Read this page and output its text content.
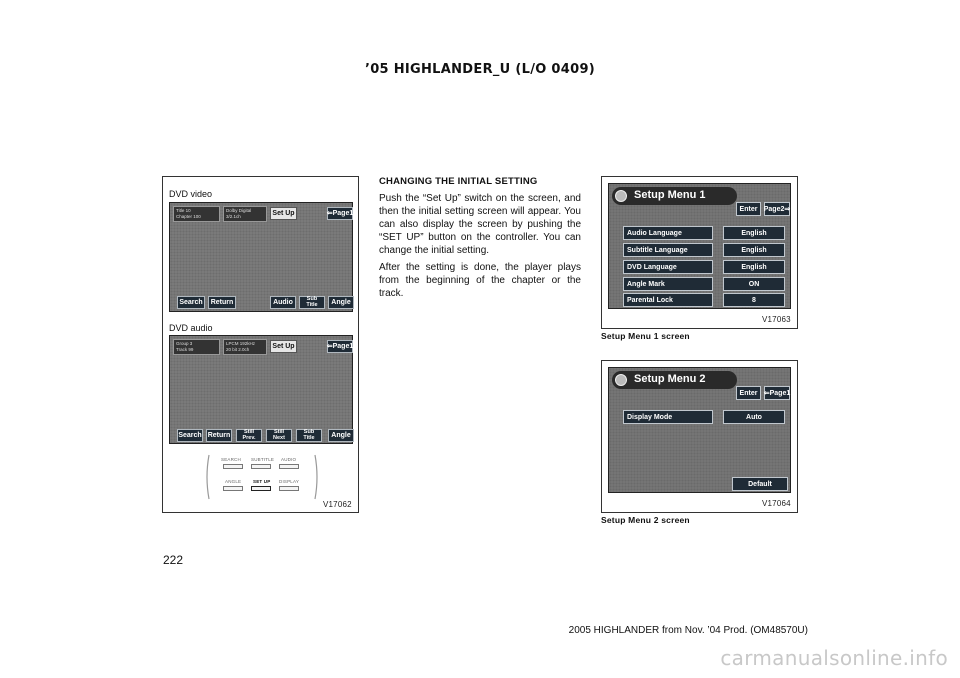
’05 HIGHLANDER_U (L/O 0409)
DVD video
Title 10
Chapter 100
Dolby Digital
3/2.1ch	Set Up	⇐Page1
Search	Return	Audio	Sub
Title	Angle
DVD audio
Group 3
Track 99
LPCM 192kHz
20 bit 2.0ch	Set Up	⇐Page1
Search Return	Still
Prev.
Still
Next
Sub
Title	Angle
SEARCH SUBTITLE AUDIO
ANGLE	SET UP DISPLAY
V17062
CHANGING THE INITIAL SETTING

Push the “Set Up” switch on the screen, and then the initial setting screen will appear. You can also display the screen by pushing the “SET UP” button on the controller. You can change the initial setting.

After the setting is done, the player plays from the beginning of the chapter or the track.

Setup Menu 1
Enter Page2⇒
Audio Language	English
Subtitle Language	English
DVD Language	English
Angle Mark	ON
Parental Lock	8
V17063
Setup Menu 1 screen
Setup Menu 2
Enter ⇐Page1
Display Mode	Auto
Default
V17064
Setup Menu 2 screen
222
2005 HIGHLANDER from Nov. ’04 Prod. (OM48570U)
carmanualsonline.info
